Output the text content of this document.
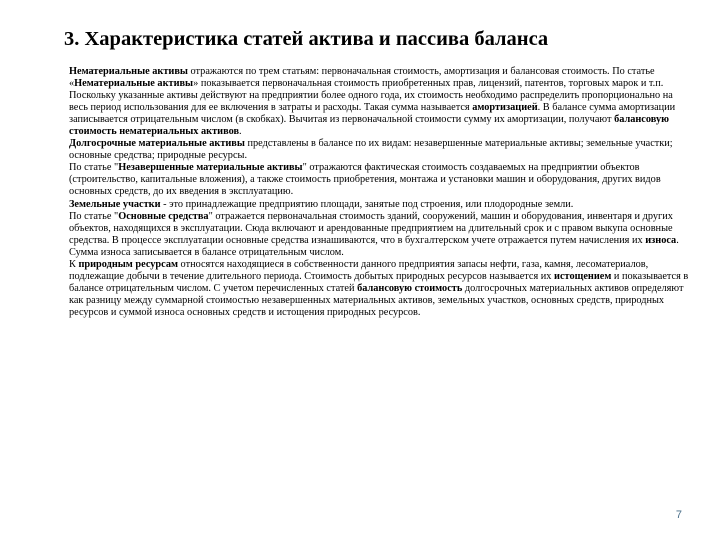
3. Характеристика статей актива и пассива баланса

Нематериальные активы отражаются по трем статьям: первоначальная стоимость, амортизация и балансовая стоимость. По статье «Нематериальные активы» показывается первоначальная стоимость приобретенных прав, лицензий, патентов, торговых марок и т.п. Поскольку указанные активы действуют на предприятии более одного года, их стоимость необходимо распределить пропорционально на весь период использования для ее включения в затраты и расходы. Такая сумма называется амортизацией. В балансе сумма амортизации записывается отрицательным числом (в скобках). Вычитая из первоначальной стоимости сумму их амортизации, получают балансовую стоимость нематериальных активов.

Долгосрочные материальные активы представлены в балансе по их видам: незавершенные материальные активы; земельные участки; основные средства; природные ресурсы.

По статье "Незавершенные материальные активы" отражаются фактическая стоимость создаваемых на предприятии объектов (строительство, капитальные вложения), а также стоимость приобретения, монтажа и установки машин и оборудования, других видов основных средств, до их введения в эксплуатацию.

Земельные участки - это принадлежащие предприятию площади, занятые под строения, или плодородные земли.

По статье "Основные средства" отражается первоначальная стоимость зданий, сооружений, машин и оборудования, инвентаря и других объектов, находящихся в эксплуатации. Сюда включают и арендованные предприятием на длительный срок и с правом выкупа основные средства. В процессе эксплуатации основные средства изнашиваются, что в бухгалтерском учете отражается путем начисления их износа. Сумма износа записывается в балансе отрицательным числом.

К природным ресурсам относятся находящиеся в собственности данного предприятия запасы нефти, газа, камня, лесоматериалов, подлежащие добычи в течение длительного периода. Стоимость добытых природных ресурсов называется их истощением и показывается в балансе отрицательным числом. С учетом перечисленных статей балансовую стоимость долгосрочных материальных активов определяют как разницу между суммарной стоимостью незавершенных материальных активов, земельных участков, основных средств, природных ресурсов и суммой износа основных средств и истощения природных ресурсов.

7
